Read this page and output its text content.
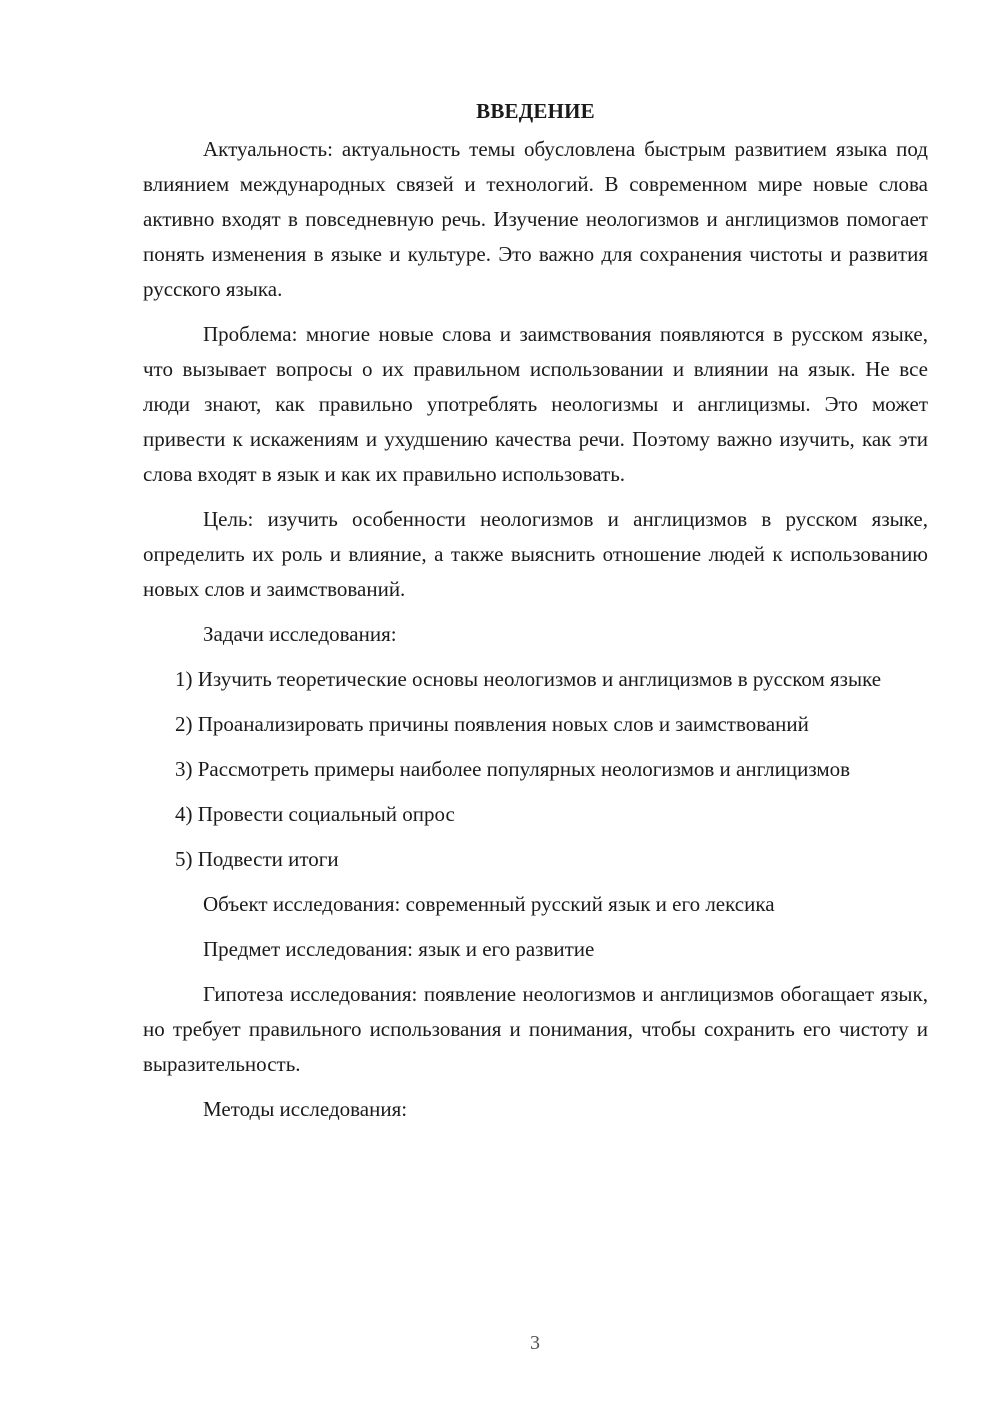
ВВЕДЕНИЕ

Актуальность: актуальность темы обусловлена быстрым развитием языка под влиянием международных связей и технологий. В современном мире новые слова активно входят в повседневную речь. Изучение неологизмов и англицизмов помогает понять изменения в языке и культуре. Это важно для сохранения чистоты и развития русского языка.

Проблема: многие новые слова и заимствования появляются в русском языке, что вызывает вопросы о их правильном использовании и влиянии на язык. Не все люди знают, как правильно употреблять неологизмы и англицизмы. Это может привести к искажениям и ухудшению качества речи. Поэтому важно изучить, как эти слова входят в язык и как их правильно использовать.

Цель: изучить особенности неологизмов и англицизмов в русском языке, определить их роль и влияние, а также выяснить отношение людей к использованию новых слов и заимствований.

Задачи исследования:

1) Изучить теоретические основы неологизмов и англицизмов в русском языке

2) Проанализировать причины появления новых слов и заимствований

3) Рассмотреть примеры наиболее популярных неологизмов и англицизмов

4) Провести социальный опрос

5) Подвести итоги

Объект исследования: современный русский язык и его лексика

Предмет исследования: язык и его развитие

Гипотеза исследования: появление неологизмов и англицизмов обогащает язык, но требует правильного использования и понимания, чтобы сохранить его чистоту и выразительность.

Методы исследования:

3
